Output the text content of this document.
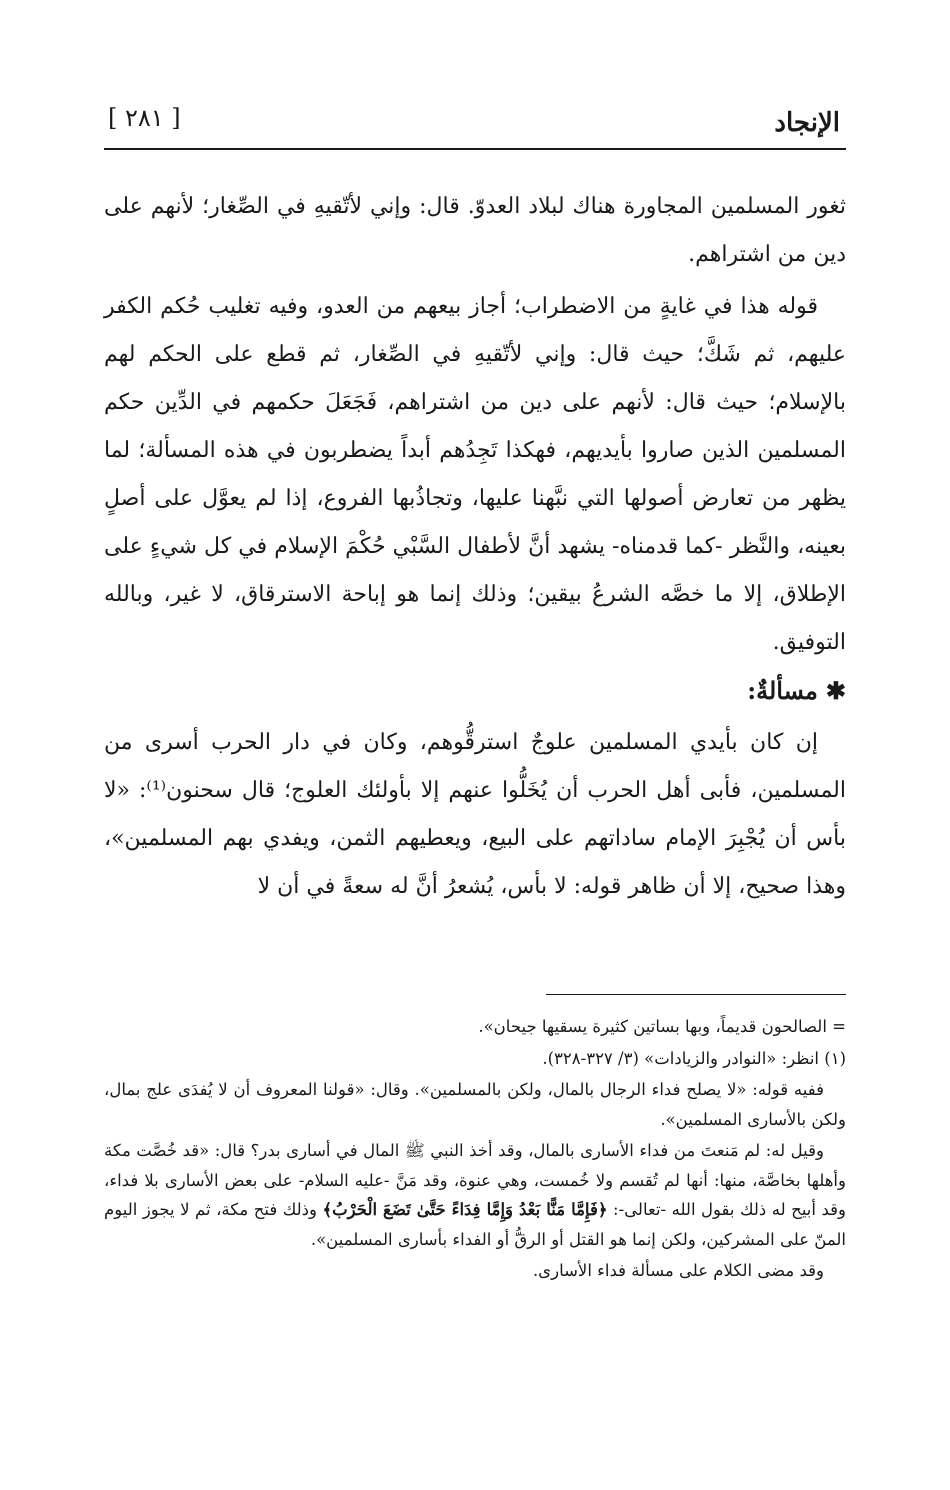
الإنجاد
[ ٢٨١ ]

ثغور المسلمين المجاورة هناك لبلاد العدوّ. قال: وإني لأتّقيهِ في الصِّغار؛ لأنهم على دين من اشتراهم.

قوله هذا في غايةٍ من الاضطراب؛ أجاز بيعهم من العدو، وفيه تغليب حُكم الكفر عليهم، ثم شَكَّ؛ حيث قال: وإني لأتّقيهِ في الصِّغار، ثم قطع على الحكم لهم بالإسلام؛ حيث قال: لأنهم على دين من اشتراهم، فَجَعَلَ حكمهم في الدِّين حكم المسلمين الذين صاروا بأيديهم، فهكذا تَجِدُهم أبداً يضطربون في هذه المسألة؛ لما يظهر من تعارض أصولها التي نبَّهنا عليها، وتجاذُبها الفروع، إذا لم يعوَّل على أصلٍ بعينه، والنَّظر -كما قدمناه- يشهد أنَّ لأطفال السَّبْي حُكْمَ الإسلام في كل شيءٍ على الإطلاق، إلا ما خصَّه الشرعُ بيقين؛ وذلك إنما هو إباحة الاسترقاق، لا غير، وبالله التوفيق.

✱مسألةٌ:

إن كان بأيدي المسلمين علوجٌ استرقُّوهم، وكان في دار الحرب أسرى من المسلمين، فأبى أهل الحرب أن يُخَلُّوا عنهم إلا بأولئك العلوج؛ قال سحنون⁽¹⁾: «لا بأس أن يُجْبِرَ الإمام ساداتهم على البيع، ويعطيهم الثمن، ويفدي بهم المسلمين»، وهذا صحيح، إلا أن ظاهر قوله: لا بأس، يُشعرُ أنَّ له سعةً في أن لا

= الصالحون قديماً، وبها بساتين كثيرة يسقيها جيحان».

(١) انظر: «النوادر والزيادات» (٣/ ٣٢٧-٣٢٨).

ففيه قوله: «لا يصلح فداء الرجال بالمال، ولكن بالمسلمين». وقال: «قولنا المعروف أن لا يُفدَى علج بمال، ولكن بالأسارى المسلمين».

وقيل له: لم مَنعتَ من فداء الأسارى بالمال، وقد أخذ النبي ﷺ المال في أسارى بدر؟ قال: «قد خُصَّت مكة وأهلها بخاصَّة، منها: أنها لم تُقسم ولا خُمست، وهي عنوة، وقد مَنَّ -عليه السلام- على بعض الأسارى بلا فداء، وقد أبيح له ذلك بقول الله -تعالى-: ﴿فَإِمَّا مَنًّا بَعْدُ وَإِمَّا فِدَاءً حَتَّىٰ تَضَعَ الْحَرْبُ﴾ وذلك فتح مكة، ثم لا يجوز اليوم المنّ على المشركين، ولكن إنما هو القتل أو الرقُّ أو الفداء بأسارى المسلمين».

وقد مضى الكلام على مسألة فداء الأسارى.
